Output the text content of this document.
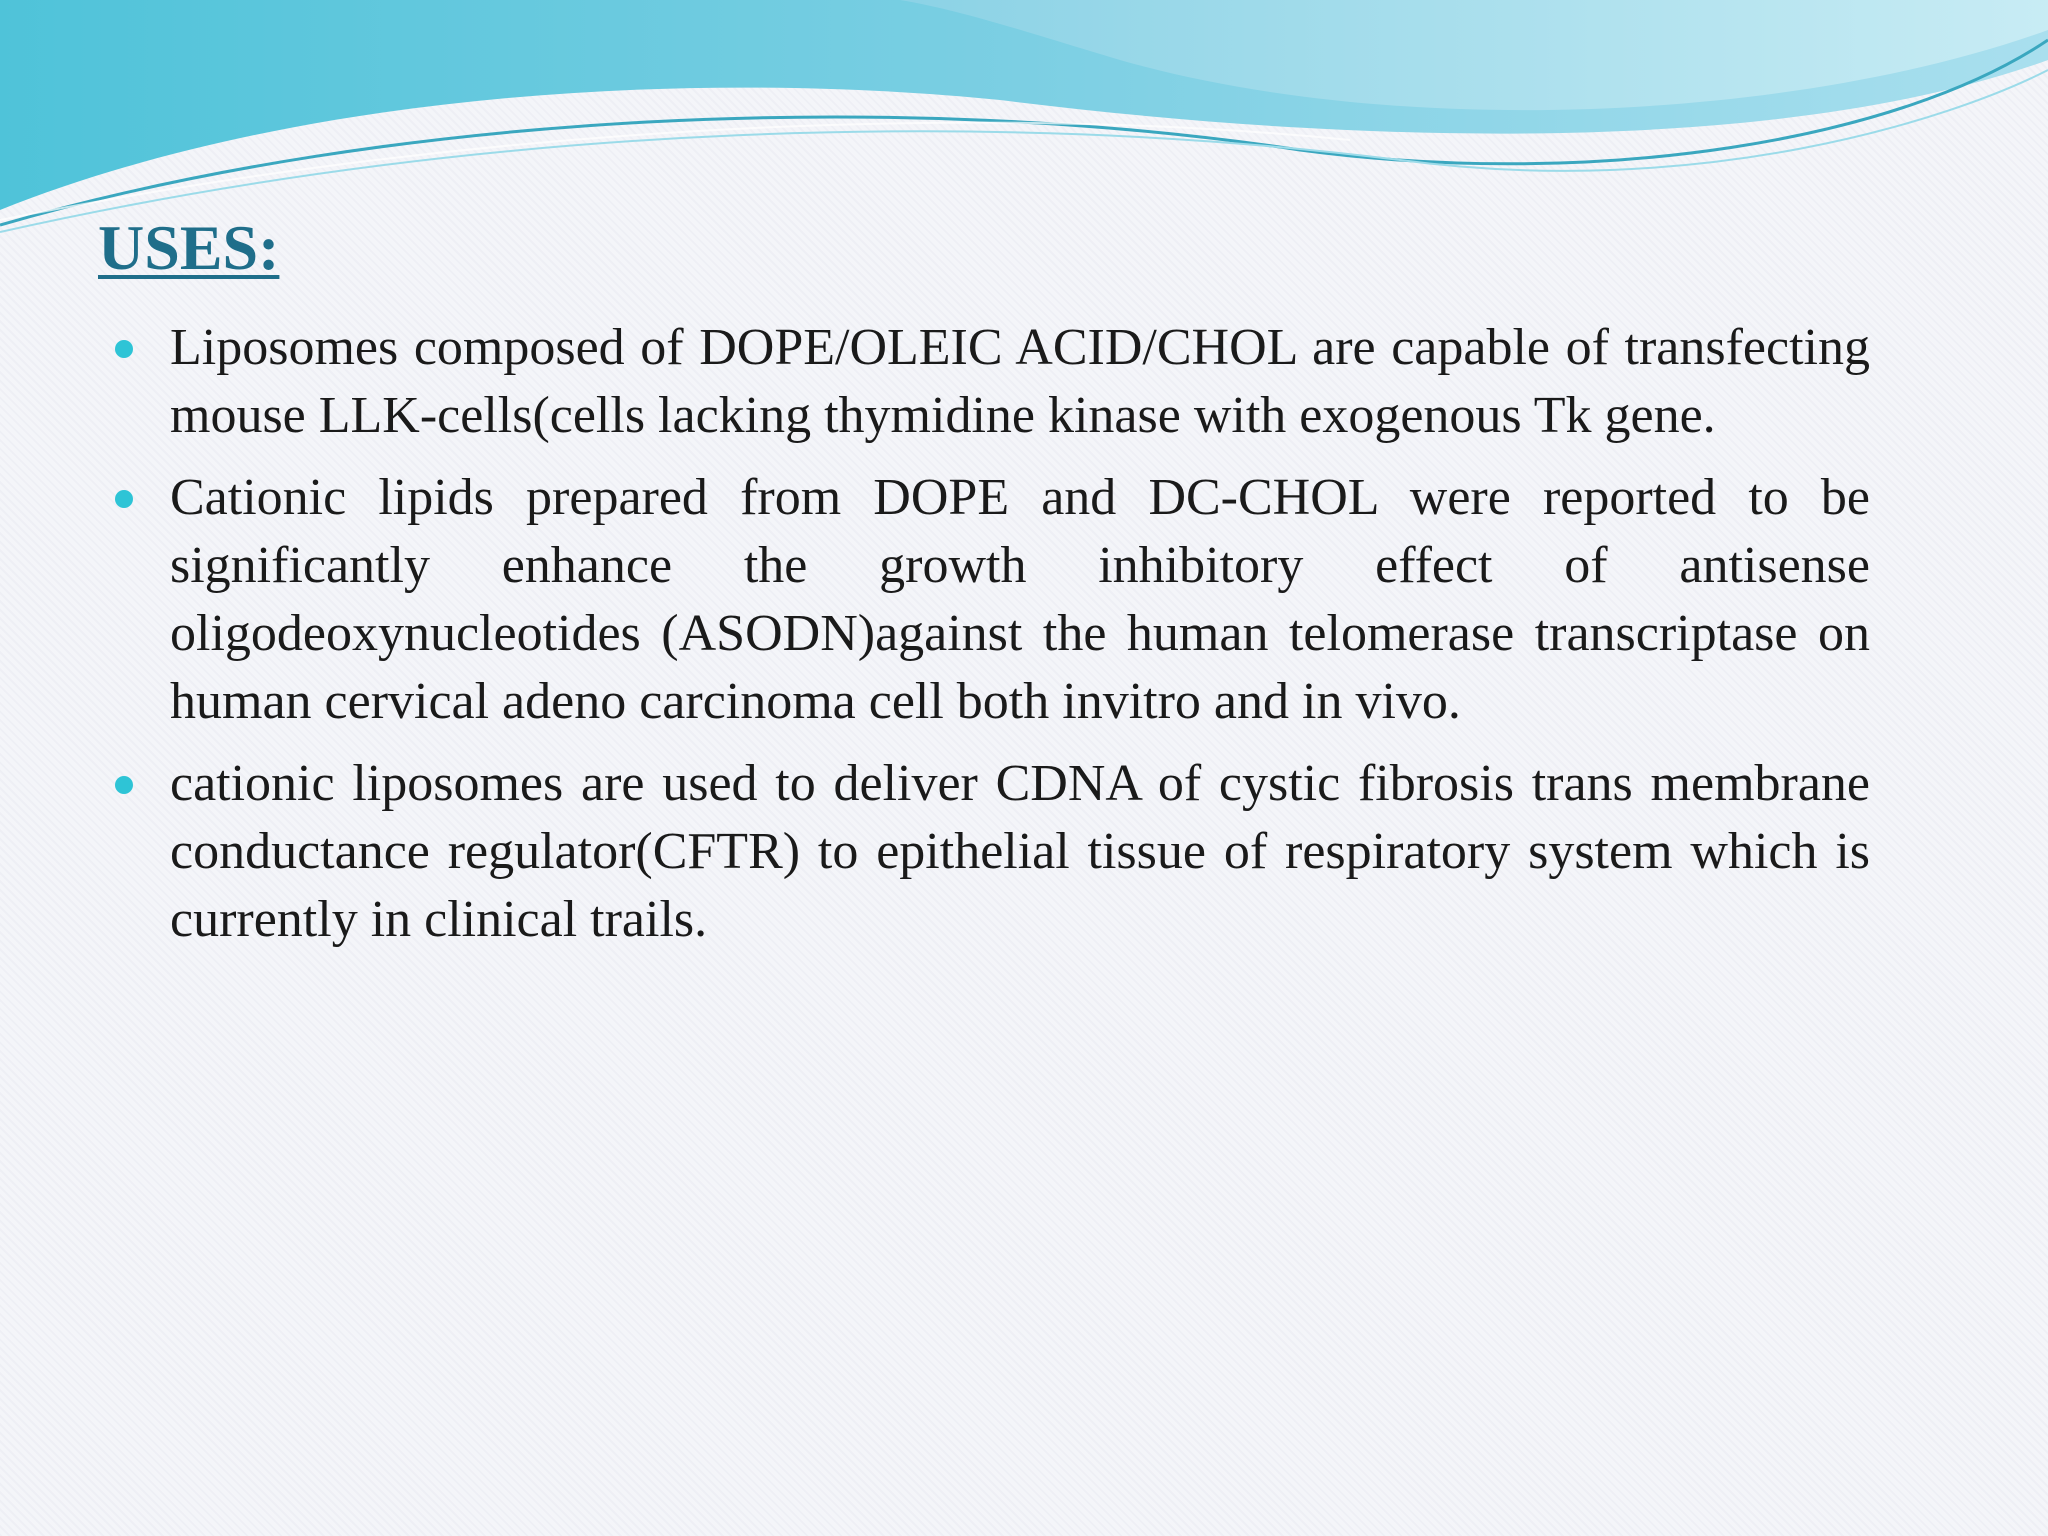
USES:
Liposomes composed of DOPE/OLEIC ACID/CHOL are capable of transfecting mouse LLK-cells(cells lacking thymidine kinase with exogenous Tk gene.
Cationic lipids prepared from DOPE and DC-CHOL were reported to be significantly enhance the growth inhibitory effect of antisense oligodeoxynucleotides (ASODN)against the human telomerase transcriptase on human cervical adeno carcinoma cell both invitro and in vivo.
cationic liposomes are used to deliver CDNA of cystic fibrosis trans membrane conductance regulator(CFTR) to epithelial tissue of respiratory system which is currently in clinical trails.
